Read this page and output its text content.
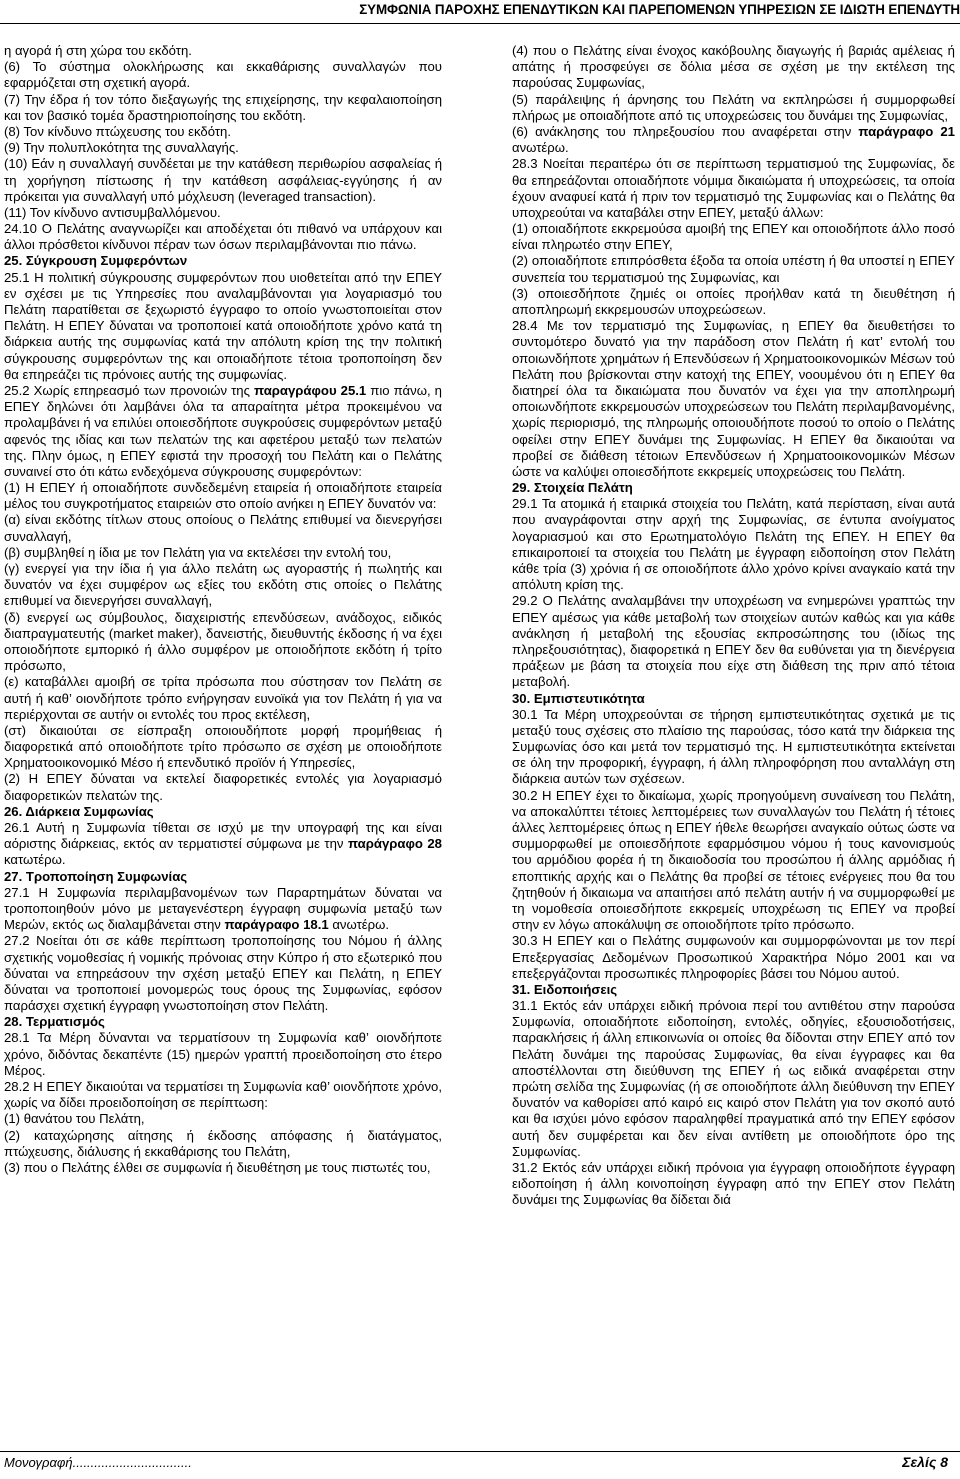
ΣΥΜΦΩΝΙΑ ΠΑΡΟΧΗΣ ΕΠΕΝΔΥΤΙΚΩΝ ΚΑΙ ΠΑΡΕΠΟΜΕΝΩΝ ΥΠΗΡΕΣΙΩΝ ΣΕ ΙΔΙΩΤΗ ΕΠΕΝΔΥΤΗ

η αγορά ή στη χώρα του εκδότη.

(6) Το σύστημα ολοκλήρωσης και εκκαθάρισης συναλλαγών που εφαρμόζεται στη σχετική αγορά.

(7) Την έδρα ή τον τόπο διεξαγωγής της επιχείρησης, την κεφαλαιοποίηση και τον βασικό τομέα δραστηριοποίησης του εκδότη.

(8) Τον κίνδυνο πτώχευσης του εκδότη.

(9) Την πολυπλοκότητα της συναλλαγής.

(10) Εάν η συναλλαγή συνδέεται με την κατάθεση περιθωρίου ασφαλείας ή τη χορήγηση πίστωσης ή την κατάθεση ασφάλειας-εγγύησης ή αν πρόκειται για συναλλαγή υπό μόχλευση (leveraged transaction).

(11) Τον κίνδυνο αντισυμβαλλόμενου.

24.10 Ο Πελάτης αναγνωρίζει και αποδέχεται ότι πιθανό να υπάρχουν και άλλοι πρόσθετοι κίνδυνοι πέραν των όσων περιλαμβάνονται πιο πάνω.

25. Σύγκρουση Συμφερόντων

25.1 Η πολιτική σύγκρουσης συμφερόντων που υιοθετείται από την ΕΠΕΥ εν σχέσει με τις Υπηρεσίες που αναλαμβάνονται για λογαριασμό του Πελάτη παρατίθεται σε ξεχωριστό έγγραφο το οποίο γνωστοποιείται στον Πελάτη. Η ΕΠΕΥ δύναται να τροποποιεί κατά οποιοδήποτε χρόνο κατά τη διάρκεια αυτής της συμφωνίας κατά την απόλυτη κρίση της την πολιτική σύγκρουσης συμφερόντων της και οποιαδήποτε τέτοια τροποποίηση δεν θα επηρεάζει τις πρόνοιες αυτής της συμφωνίας.

25.2 Χωρίς επηρεασμό των προνοιών της παραγράφου 25.1 πιο πάνω, η ΕΠΕΥ δηλώνει ότι λαμβάνει όλα τα απαραίτητα μέτρα προκειμένου να προλαμβάνει ή να επιλύει οποιεσδήποτε συγκρούσεις συμφερόντων μεταξύ αφενός της ιδίας και των πελατών της και αφετέρου μεταξύ των πελατών της. Πλην όμως, η ΕΠΕΥ εφιστά την προσοχή του Πελάτη και ο Πελάτης συναινεί στο ότι κάτω ενδεχόμενα σύγκρουσης συμφερόντων:

(1) Η ΕΠΕΥ ή οποιαδήποτε συνδεδεμένη εταιρεία ή οποιαδήποτε εταιρεία μέλος του συγκροτήματος εταιρειών στο οποίο ανήκει η ΕΠΕΥ δυνατόν να:

(α) είναι εκδότης τίτλων στους οποίους ο Πελάτης επιθυμεί να διενεργήσει συναλλαγή,

(β) συμβληθεί η ίδια με τον Πελάτη για να εκτελέσει την εντολή του,

(γ) ενεργεί για την ίδια ή για άλλο πελάτη ως αγοραστής ή πωλητής και δυνατόν να έχει συμφέρον ως εξίες του εκδότη στις οποίες ο Πελάτης επιθυμεί να διενεργήσει συναλλαγή,

(δ) ενεργεί ως σύμβουλος, διαχειριστής επενδύσεων, ανάδοχος, ειδικός διαπραγματευτής (market maker), δανειστής, διευθυντής έκδοσης ή να έχει οποιοδήποτε εμπορικό ή άλλο συμφέρον με οποιοδήποτε εκδότη ή τρίτο πρόσωπο,

(ε) καταβάλλει αμοιβή σε τρίτα πρόσωπα που σύστησαν τον Πελάτη σε αυτή ή καθ’ οιονδήποτε τρόπο ενήργησαν ευνοϊκά για τον Πελάτη ή για να περιέρχονται σε αυτήν οι εντολές του προς εκτέλεση,

(στ) δικαιούται σε είσπραξη οποιουδήποτε μορφή προμήθειας ή διαφορετικά από οποιοδήποτε τρίτο πρόσωπο σε σχέση με οποιοδήποτε Χρηματοοικονομικό Μέσο ή επενδυτικό προϊόν ή Υπηρεσίες,

(2) Η ΕΠΕΥ δύναται να εκτελεί διαφορετικές εντολές για λογαριασμό διαφορετικών πελατών της.

26. Διάρκεια Συμφωνίας

26.1 Αυτή η Συμφωνία τίθεται σε ισχύ με την υπογραφή της και είναι αόριστης διάρκειας, εκτός αν τερματιστεί σύμφωνα με την παράγραφο 28 κατωτέρω.

27. Τροποποίηση Συμφωνίας

27.1 Η Συμφωνία περιλαμβανομένων των Παραρτημάτων δύναται να τροποποιηθούν μόνο με μεταγενέστερη έγγραφη συμφωνία μεταξύ των Μερών, εκτός ως διαλαμβάνεται στην παράγραφο 18.1 ανωτέρω.

27.2 Νοείται ότι σε κάθε περίπτωση τροποποίησης του Νόμου ή άλλης σχετικής νομοθεσίας ή νομικής πρόνοιας στην Κύπρο ή στο εξωτερικό που δύναται να επηρεάσουν την σχέση μεταξύ ΕΠΕΥ και Πελάτη, η ΕΠΕΥ δύναται να τροποποιεί μονομερώς τους όρους της Συμφωνίας, εφόσον παράσχει σχετική έγγραφη γνωστοποίηση στον Πελάτη.

28. Τερματισμός

28.1 Τα Μέρη δύνανται να τερματίσουν τη Συμφωνία καθ’ οιονδήποτε χρόνο, διδόντας δεκαπέντε (15) ημερών γραπτή προειδοποίηση στο έτερο Μέρος.

28.2 Η ΕΠΕΥ δικαιούται να τερματίσει τη Συμφωνία καθ’ οιονδήποτε χρόνο, χωρίς να δίδει προειδοποίηση σε περίπτωση:

(1) θανάτου του Πελάτη,

(2) καταχώρησης αίτησης ή έκδοσης απόφασης ή διατάγματος, πτώχευσης, διάλυσης ή εκκαθάρισης του Πελάτη,

(3) που ο Πελάτης έλθει σε συμφωνία ή διευθέτηση με τους πιστωτές του,

(4) που ο Πελάτης είναι ένοχος κακόβουλης διαγωγής ή βαριάς αμέλειας ή απάτης ή προσφεύγει σε δόλια μέσα σε σχέση με την εκτέλεση της παρούσας Συμφωνίας,

(5) παράλειψης ή άρνησης του Πελάτη να εκπληρώσει ή συμμορφωθεί πλήρως με οποιαδήποτε από τις υποχρεώσεις του δυνάμει της Συμφωνίας,

(6) ανάκλησης του πληρεξουσίου που αναφέρεται στην παράγραφο 21 ανωτέρω.

28.3 Νοείται περαιτέρω ότι σε περίπτωση τερματισμού της Συμφωνίας, δε θα επηρεάζονται οποιαδήποτε νόμιμα δικαιώματα ή υποχρεώσεις, τα οποία έχουν αναφυεί κατά ή πριν τον τερματισμό της Συμφωνίας και ο Πελάτης θα υποχρεούται να καταβάλει στην ΕΠΕΥ, μεταξύ άλλων:

(1) οποιαδήποτε εκκρεμούσα αμοιβή της ΕΠΕΥ και οποιοδήποτε άλλο ποσό είναι πληρωτέο στην ΕΠΕΥ,

(2) οποιαδήποτε επιπρόσθετα έξοδα τα οποία υπέστη ή θα υποστεί η ΕΠΕΥ συνεπεία του τερματισμού της Συμφωνίας, και

(3) οποιεσδήποτε ζημιές οι οποίες προήλθαν κατά τη διευθέτηση ή απoπληρωμή εκκρεμουσών υποχρεώσεων.

28.4 Με τον τερματισμό της Συμφωνίας, η ΕΠΕΥ θα διευθετήσει το συντομότερο δυνατό για την παράδοση στον Πελάτη ή κατ’ εντολή του οποιωνδήποτε χρημάτων ή Επενδύσεων ή Χρηματοοικονομικών Μέσων τού Πελάτη που βρίσκονται στην κατοχή της ΕΠΕΥ, νοουμένου ότι η ΕΠΕΥ θα διατηρεί όλα τα δικαιώματα που δυνατόν να έχει για την αποπληρωμή οποιωνδήποτε εκκρεμουσών υποχρεώσεων του Πελάτη περιλαμβανομένης, χωρίς περιορισμό, της πληρωμής οποιουδήποτε ποσού το οποίο ο Πελάτης οφείλει στην ΕΠΕΥ δυνάμει της Συμφωνίας. Η ΕΠΕΥ θα δικαιούται να προβεί σε διάθεση τέτοιων Επενδύσεων ή Χρηματοοικονομικών Μέσων ώστε να καλύψει οποιεσδήποτε εκκρεμείς υποχρεώσεις του Πελάτη.

29. Στοιχεία Πελάτη

29.1 Τα ατομικά ή εταιρικά στοιχεία του Πελάτη, κατά περίσταση, είναι αυτά που αναγράφονται στην αρχή της Συμφωνίας, σε έντυπα ανοίγματος λογαριασμού και στο Ερωτηματολόγιο Πελάτη της ΕΠΕΥ. Η ΕΠΕΥ θα επικαιροποιεί τα στοιχεία του Πελάτη με έγγραφη ειδοποίηση στον Πελάτη κάθε τρία (3) χρόνια ή σε οποιοδήποτε άλλο χρόνο κρίνει αναγκαίο κατά την απόλυτη κρίση της.

29.2 Ο Πελάτης αναλαμβάνει την υποχρέωση να ενημερώνει γραπτώς την ΕΠΕΥ αμέσως για κάθε μεταβολή των στοιχείων αυτών καθώς και για κάθε ανάκληση ή μεταβολή της εξουσίας εκπροσώπησης του (ιδίως της πληρεξουσιότητας), διαφορετικά η ΕΠΕΥ δεν θα ευθύνεται για τη διενέργεια πράξεων με βάση τα στοιχεία που είχε στη διάθεση της πριν από τέτοια μεταβολή.

30. Εμπιστευτικότητα

30.1 Τα Μέρη υποχρεούνται σε τήρηση εμπιστευτικότητας σχετικά με τις μεταξύ τους σχέσεις στο πλαίσιο της παρούσας, τόσο κατά την διάρκεια της Συμφωνίας όσο και μετά τον τερματισμό της. Η εμπιστευτικότητα εκτείνεται σε όλη την προφορική, έγγραφη, ή άλλη πληροφόρηση που ανταλλάγη στη διάρκεια αυτών των σχέσεων.

30.2 Η ΕΠΕΥ έχει το δικαίωμα, χωρίς προηγούμενη συναίνεση του Πελάτη, να αποκαλύπτει τέτοιες λεπτομέρειες των συναλλαγών του Πελάτη ή τέτοιες άλλες λεπτομέρειες όπως η ΕΠΕΥ ήθελε θεωρήσει αναγκαίο ούτως ώστε να συμμορφωθεί με οποιεσδήποτε εφαρμόσιμου νόμου ή τους κανονισμούς του αρμόδιου φορέα ή τη δικαιοδοσία του προσώπου ή άλλης αρμόδιας ή εποπτικής αρχής και ο Πελάτης θα προβεί σε τέτοιες ενέργειες που θα του ζητηθούν ή δικαιωμα να απαιτήσει από πελάτη αυτήν ή να συμμορφωθεί με τη νομοθεσία οποιεσδήποτε εκκρεμείς υποχρέωση τις ΕΠΕΥ να προβεί στην εν λόγω αποκάλυψη σε οποιοδήποτε τρίτο πρόσωπο.

30.3 Η ΕΠΕΥ και ο Πελάτης συμφωνούν και συμμορφώνονται με τον περί Επεξεργασίας Δεδομένων Προσωπικού Χαρακτήρα Νόμο 2001 και να επεξεργάζονται προσωπικές πληροφορίες βάσει του Νόμου αυτού.

31. Ειδοποιήσεις

31.1 Εκτός εάν υπάρχει ειδική πρόνοια περί του αντιθέτου στην παρούσα Συμφωνία, οποιαδήποτε ειδοποίηση, εντολές, οδηγίες, εξουσιοδοτήσεις, παρακλήσεις ή άλλη επικοινωνία οι οποίες θα δίδονται στην ΕΠΕΥ από τον Πελάτη δυνάμει της παρούσας Συμφωνίας, θα είναι έγγραφες και θα αποστέλλονται στη διεύθυνση της ΕΠΕΥ ή ως ειδικά αναφέρεται στην πρώτη σελίδα της Συμφωνίας (ή σε οποιοδήποτε άλλη διεύθυνση την ΕΠΕΥ δυνατόν να καθορίσει από καιρό εις καιρό στον Πελάτη για τον σκοπό αυτό και θα ισχύει μόνο εφόσον παραληφθεί πραγματικά από την ΕΠΕΥ εφόσον αυτή δεν συμφέρεται και δεν είναι αντίθετη με οποιοδήποτε όρο της Συμφωνίας.

31.2 Εκτός εάν υπάρχει ειδική πρόνοια για έγγραφη οποιοδήποτε έγγραφη ειδοποίηση ή άλλη κοινοποίηση έγγραφη από την ΕΠΕΥ στον Πελάτη δυνάμει της Συμφωνίας θα δίδεται διά

Μονογραφή.................................	Σελίς 8
